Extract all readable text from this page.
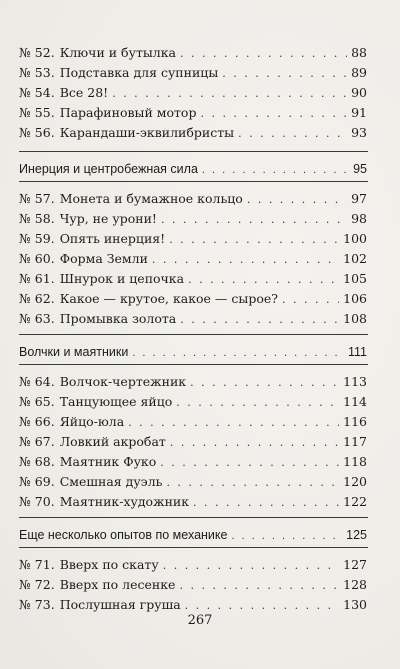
№ 52. Ключи и бутылка . . .	88
№ 53. Подставка для супницы . . .	89
№ 54. Все 28! . . .	90
№ 55. Парафиновый мотор . . .	91
№ 56. Карандаши-эквилибристы . . .	93
Инерция и центробежная сила . . .	95
№ 57. Монета и бумажное кольцо . . .	97
№ 58. Чур, не урони! . . .	98
№ 59. Опять инерция! . . .	100
№ 60. Форма Земли . . .	102
№ 61. Шнурок и цепочка . . .	105
№ 62. Какое — крутое, какое — сырое? . . .	106
№ 63. Промывка золота . . .	108
Волчки и маятники . . .	111
№ 64. Волчок-чертежник . . .	113
№ 65. Танцующее яйцо . . .	114
№ 66. Яйцо-юла . . .	116
№ 67. Ловкий акробат . . .	117
№ 68. Маятник Фуко . . .	118
№ 69. Смешная дуэль . . .	120
№ 70. Маятник-художник . . .	122
Еще несколько опытов по механике . . .	125
№ 71. Вверх по скату . . .	127
№ 72. Вверх по лесенке . . .	128
№ 73. Послушная груша . . .	130
267
